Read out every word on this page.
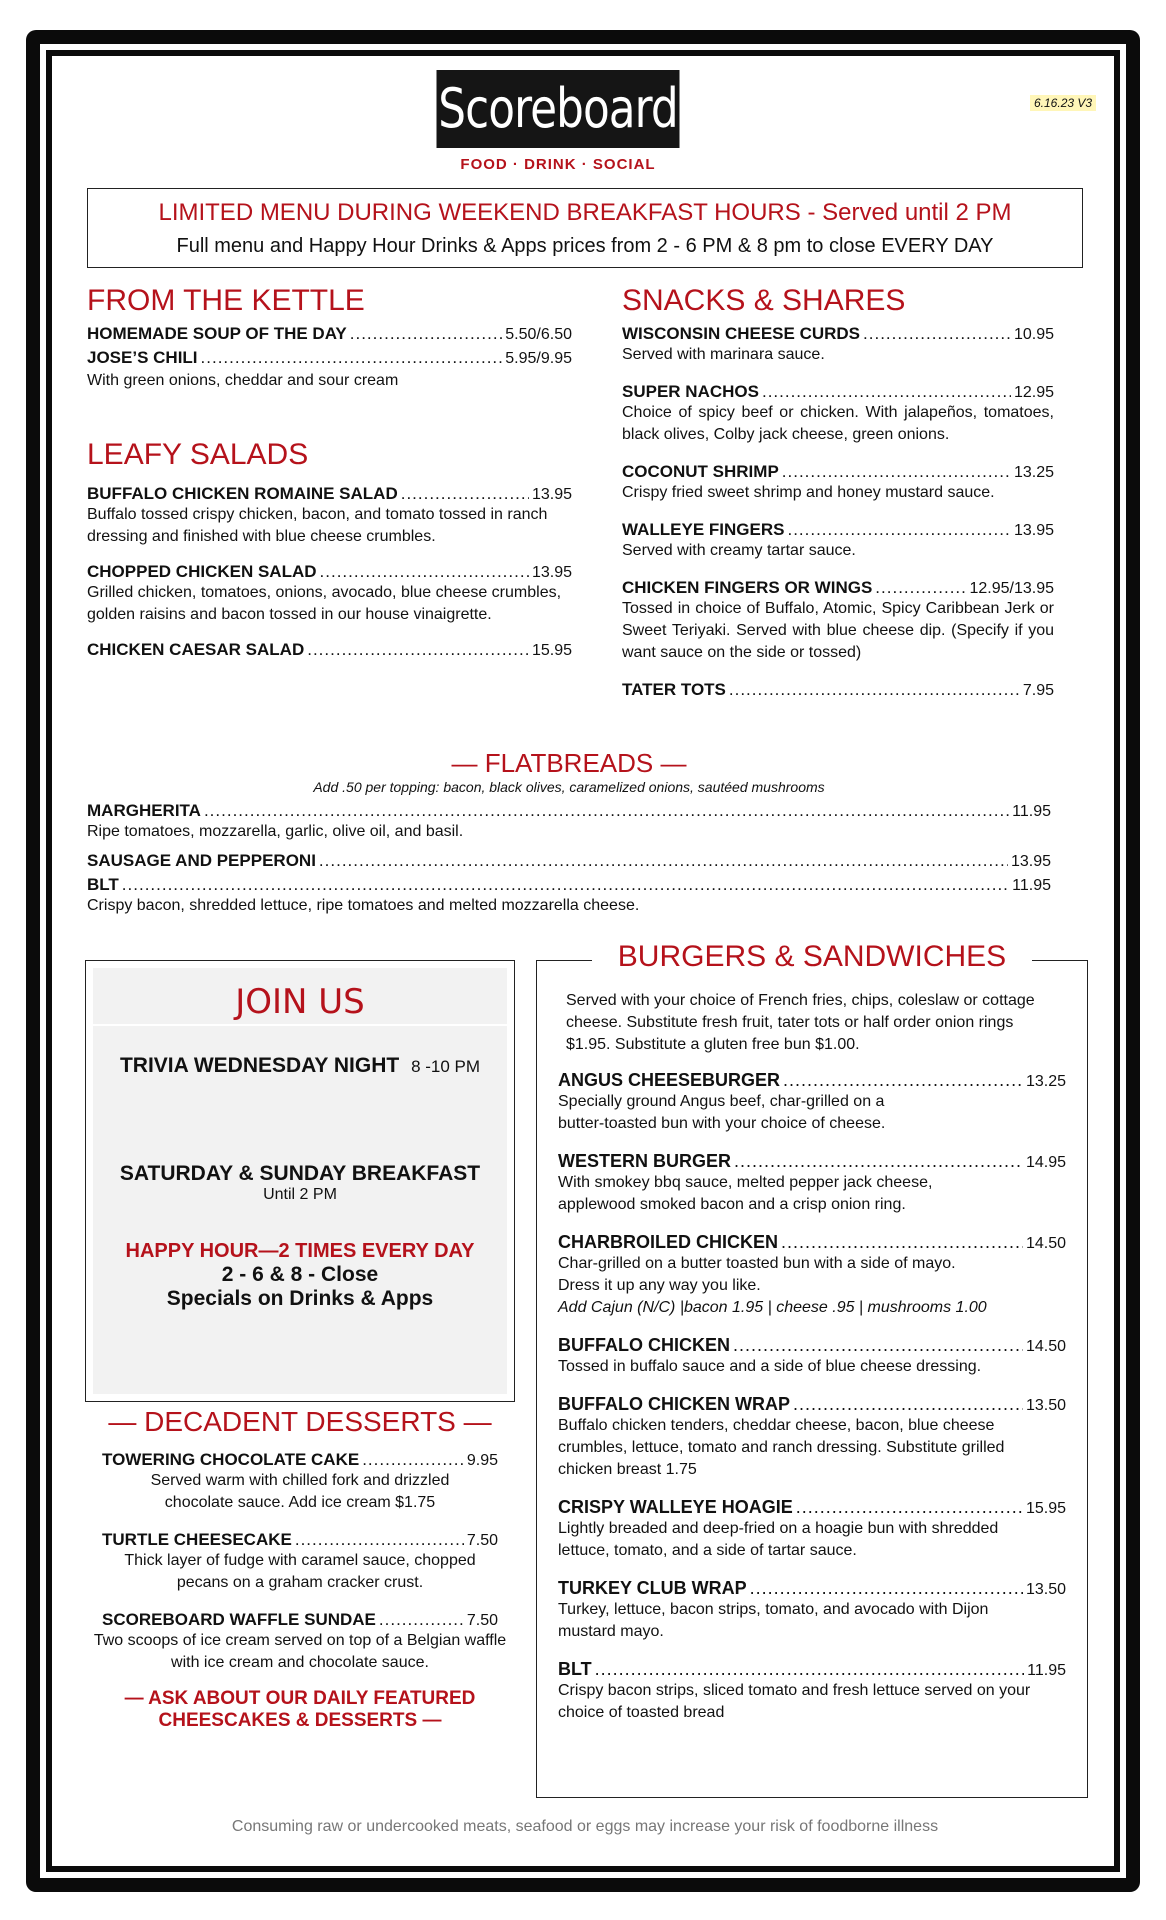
Scoreboard
FOOD · DRINK · SOCIAL
6.16.23 V3
LIMITED MENU DURING WEEKEND BREAKFAST HOURS - Served until 2 PM
Full menu and Happy Hour Drinks & Apps prices from 2 - 6 PM & 8 pm to close EVERY DAY
FROM THE KETTLE
HOMEMADE SOUP OF THE DAY .....	5.50/6.50
JOSE’S CHILI .....	5.95/9.95
With green onions, cheddar and sour cream
LEAFY SALADS
BUFFALO CHICKEN ROMAINE SALAD .....	13.95
Buffalo tossed crispy chicken, bacon, and tomato tossed in ranch dressing and finished with blue cheese crumbles.
CHOPPED CHICKEN SALAD .....	13.95
Grilled chicken, tomatoes, onions, avocado, blue cheese crumbles, golden raisins and bacon tossed in our house vinaigrette.
CHICKEN CAESAR SALAD .....	15.95
SNACKS & SHARES
WISCONSIN CHEESE CURDS .....	10.95
Served with marinara sauce.
SUPER NACHOS .....	12.95
Choice of spicy beef or chicken. With jalapeños, tomatoes, black olives, Colby jack cheese, green onions.
COCONUT SHRIMP .....	13.25
Crispy fried sweet shrimp and honey mustard sauce.
WALLEYE FINGERS .....	13.95
Served with creamy tartar sauce.
CHICKEN FINGERS OR WINGS .....	12.95/13.95
Tossed in choice of Buffalo, Atomic, Spicy Caribbean Jerk or Sweet Teriyaki. Served with blue cheese dip. (Specify if you want sauce on the side or tossed)
TATER TOTS .....	7.95
— FLATBREADS —
Add .50 per topping: bacon, black olives, caramelized onions, sautéed mushrooms
MARGHERITA .....	11.95
Ripe tomatoes, mozzarella, garlic, olive oil, and basil.
SAUSAGE AND PEPPERONI .....	13.95
BLT .....	11.95
Crispy bacon, shredded lettuce, ripe tomatoes and melted mozzarella cheese.
JOIN US
TRIVIA WEDNESDAY NIGHT 8 -10 PM
SATURDAY & SUNDAY BREAKFAST
Until 2 PM
HAPPY HOUR—2 TIMES EVERY DAY
2 - 6 & 8 - Close
Specials on Drinks & Apps
— DECADENT DESSERTS —
TOWERING CHOCOLATE CAKE .....	9.95
Served warm with chilled fork and drizzled chocolate sauce. Add ice cream $1.75
TURTLE CHEESECAKE .....	7.50
Thick layer of fudge with caramel sauce, chopped pecans on a graham cracker crust.
SCOREBOARD WAFFLE SUNDAE .....	7.50
Two scoops of ice cream served on top of a Belgian waffle with ice cream and chocolate sauce.
— ASK ABOUT OUR DAILY FEATURED
CHEESCAKES & DESSERTS —
BURGERS & SANDWICHES
Served with your choice of French fries, chips, coleslaw or cottage cheese. Substitute fresh fruit, tater tots or half order onion rings $1.95. Substitute a gluten free bun $1.00.
ANGUS CHEESEBURGER .....	13.25
Specially ground Angus beef, char-grilled on a butter-toasted bun with your choice of cheese.
WESTERN BURGER .....	14.95
With smokey bbq sauce, melted pepper jack cheese, applewood smoked bacon and a crisp onion ring.
CHARBROILED CHICKEN .....	14.50
Char-grilled on a butter toasted bun with a side of mayo. Dress it up any way you like.
Add Cajun (N/C) |bacon 1.95 | cheese .95 | mushrooms 1.00
BUFFALO CHICKEN .....	14.50
Tossed in buffalo sauce and a side of blue cheese dressing.
BUFFALO CHICKEN WRAP .....	13.50
Buffalo chicken tenders, cheddar cheese, bacon, blue cheese crumbles, lettuce, tomato and ranch dressing. Substitute grilled chicken breast 1.75
CRISPY WALLEYE HOAGIE .....	15.95
Lightly breaded and deep-fried on a hoagie bun with shredded lettuce, tomato, and a side of tartar sauce.
TURKEY CLUB WRAP .....	13.50
Turkey, lettuce, bacon strips, tomato, and avocado with Dijon mustard mayo.
BLT .....	11.95
Crispy bacon strips, sliced tomato and fresh lettuce served on your choice of toasted bread
Consuming raw or undercooked meats, seafood or eggs may increase your risk of foodborne illness
